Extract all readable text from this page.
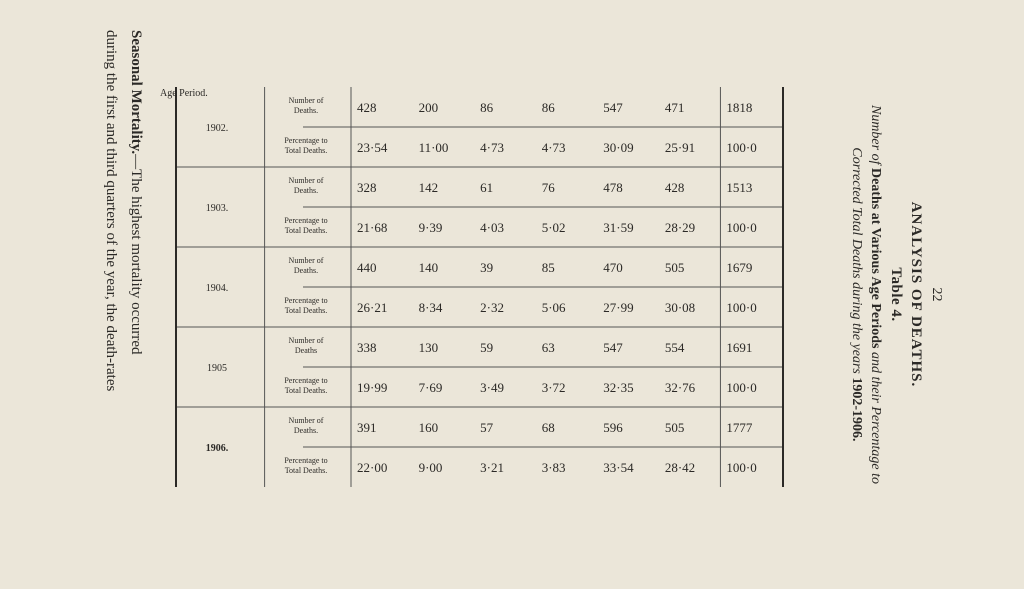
22
ANALYSIS OF DEATHS.
Table 4.
Number of Deaths at Various Age Periods and their Percentage to
Corrected Total Deaths during the years 1902-1906.
1902.
1903.
1904.
1905
1906.
Number of
Deaths.
Percentage to
Total Deaths.
Number of
Deaths.
Percentage to
Total Deaths.
Number of
Deaths.
Percentage to
Total Deaths.
Number of
Deaths
Percentage to
Total Deaths.
Number of
Deaths.
Percentage to
Total Deaths.
428
23·54
328
21·68
440
26·21
338
19·99
391
22·00
200
11·00
142
9·39
140
8·34
130
7·69
160
9·00
86
4·73
61
4·03
39
2·32
59
3·49
57
3·21
86
4·73
76
5·02
85
5·06
63
3·72
68
3·83
547
30·09
478
31·59
470
27·99
547
32·35
596
33·54
471
25·91
428
28·29
505
30·08
554
32·76
505
28·42
1818
100·0
1513
100·0
1679
100·0
1691
100·0
1777
100·0
Seasonal Mortality.—The highest mortality occurred
during the first and third quarters of the year, the death-rates	Age Period.
